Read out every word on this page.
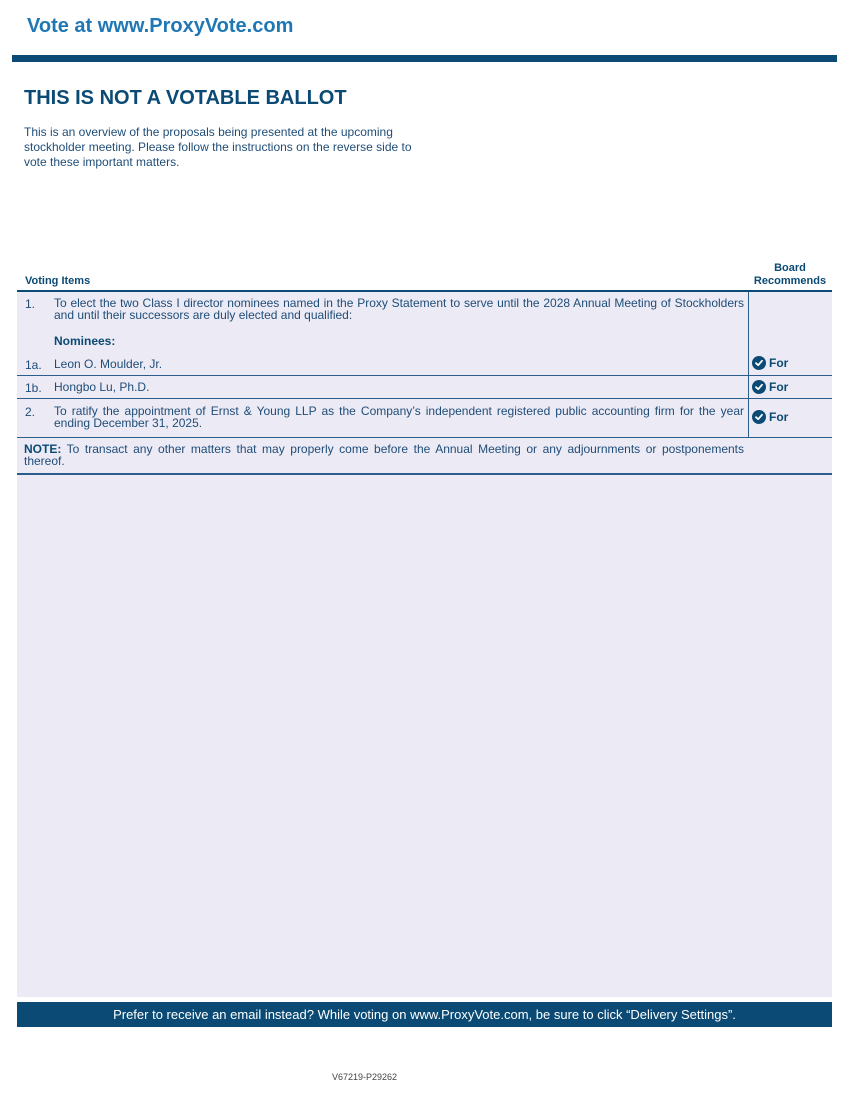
Vote at www.ProxyVote.com
THIS IS NOT A VOTABLE BALLOT
This is an overview of the proposals being presented at the upcoming stockholder meeting. Please follow the instructions on the reverse side to vote these important matters.
Voting Items
Board
Recommends
1. To elect the two Class I director nominees named in the Proxy Statement to serve until the 2028 Annual Meeting of Stockholders and until their successors are duly elected and qualified:
Nominees:
1a. Leon O. Moulder, Jr.	For
1b. Hongbo Lu, Ph.D.	For
2. To ratify the appointment of Ernst & Young LLP as the Company’s independent registered public accounting firm for the year ending December 31, 2025.	For
NOTE: To transact any other matters that may properly come before the Annual Meeting or any adjournments or postponements thereof.
Prefer to receive an email instead? While voting on www.ProxyVote.com, be sure to click “Delivery Settings”.
V67219-P29262
